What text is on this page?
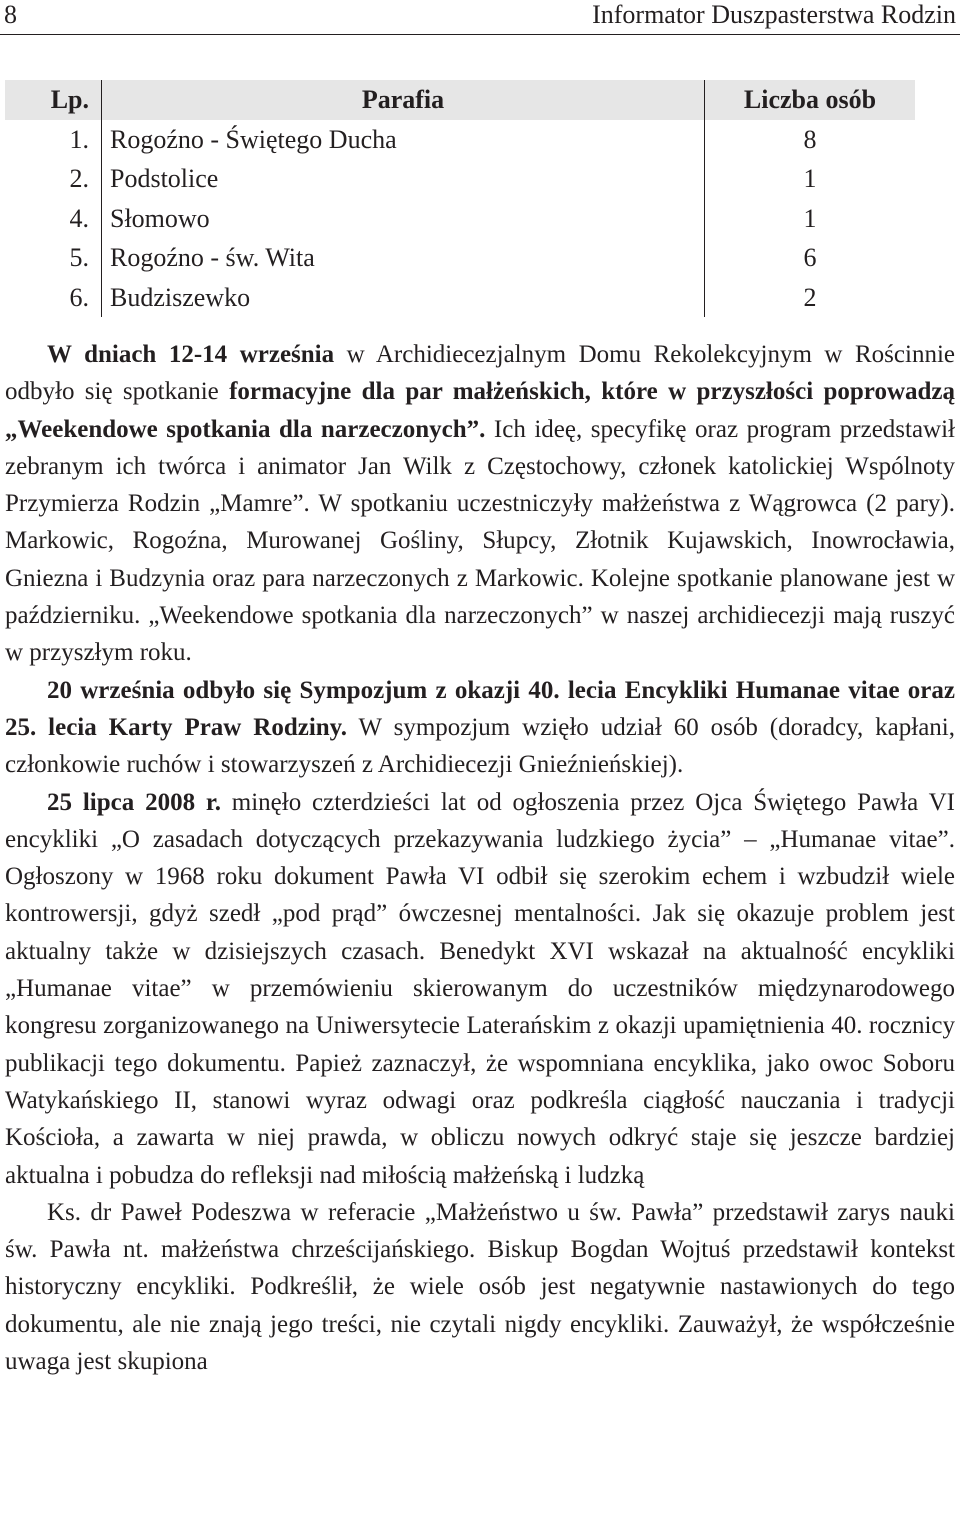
8	Informator Duszpasterstwa Rodzin
Lp.	Parafia	Liczba osób
1. Rogoźno - Świętego Ducha	8
2. Podstolice	1
4. Słomowo	1
5. Rogoźno - św. Wita	6
6. Budziszewko	2

W dniach 12-14 września w Archidiecezjalnym Domu Rekolekcyjnym w Rościnnie odbyło się spotkanie formacyjne dla par małżeńskich, które w przyszłości poprowadzą „Weekendowe spotkania dla narzeczonych”. Ich ideę, specyfikę oraz program przedstawił zebranym ich twórca i animator Jan Wilk z Częstochowy, członek katolickiej Wspólnoty Przymierza Rodzin „Mamre”. W spotkaniu uczestniczyły małżeństwa z Wągrowca (2 pary). Markowic, Rogoźna, Murowanej Gośliny, Słupcy, Złotnik Kujawskich, Inowrocławia, Gniezna i Budzynia oraz para narzeczonych z Markowic. Kolejne spotkanie planowane jest w październiku. „Weekendowe spotkania dla narzeczonych” w naszej archidiecezji mają ruszyć w przyszłym roku.

20 września odbyło się Sympozjum z okazji 40. lecia Encykliki Humanae vitae oraz 25. lecia Karty Praw Rodziny. W sympozjum wzięło udział 60 osób (doradcy, kapłani, członkowie ruchów i stowarzyszeń z Archidiecezji Gnieźnieńskiej).

25 lipca 2008 r. minęło czterdzieści lat od ogłoszenia przez Ojca Świętego Pawła VI encykliki „O zasadach dotyczących przekazywania ludzkiego życia” – „Humanae vitae”. Ogłoszony w 1968 roku dokument Pawła VI odbił się szerokim echem i wzbudził wiele kontrowersji, gdyż szedł „pod prąd” ówczesnej mentalności. Jak się okazuje problem jest aktualny także w dzisiejszych czasach. Benedykt XVI wskazał na aktualność encykliki „Humanae vitae” w przemówieniu skierowanym do uczestników międzynarodowego kongresu zorganizowanego na Uniwersytecie Laterańskim z okazji upamiętnienia 40. rocznicy publikacji tego dokumentu. Papież zaznaczył, że wspomniana encyklika, jako owoc Soboru Watykańskiego II, stanowi wyraz odwagi oraz podkreśla ciągłość nauczania i tradycji Kościoła, a zawarta w niej prawda, w obliczu nowych odkryć staje się jeszcze bardziej aktualna i pobudza do refleksji nad miłością małżeńską i ludzką

Ks. dr Paweł Podeszwa w referacie „Małżeństwo u św. Pawła” przedstawił zarys nauki św. Pawła nt. małżeństwa chrześcijańskiego. Biskup Bogdan Wojtuś przedstawił kontekst historyczny encykliki. Podkreślił, że wiele osób jest negatywnie nastawionych do tego dokumentu, ale nie znają jego treści, nie czytali nigdy encykliki. Zauważył, że współcześnie uwaga jest skupiona
